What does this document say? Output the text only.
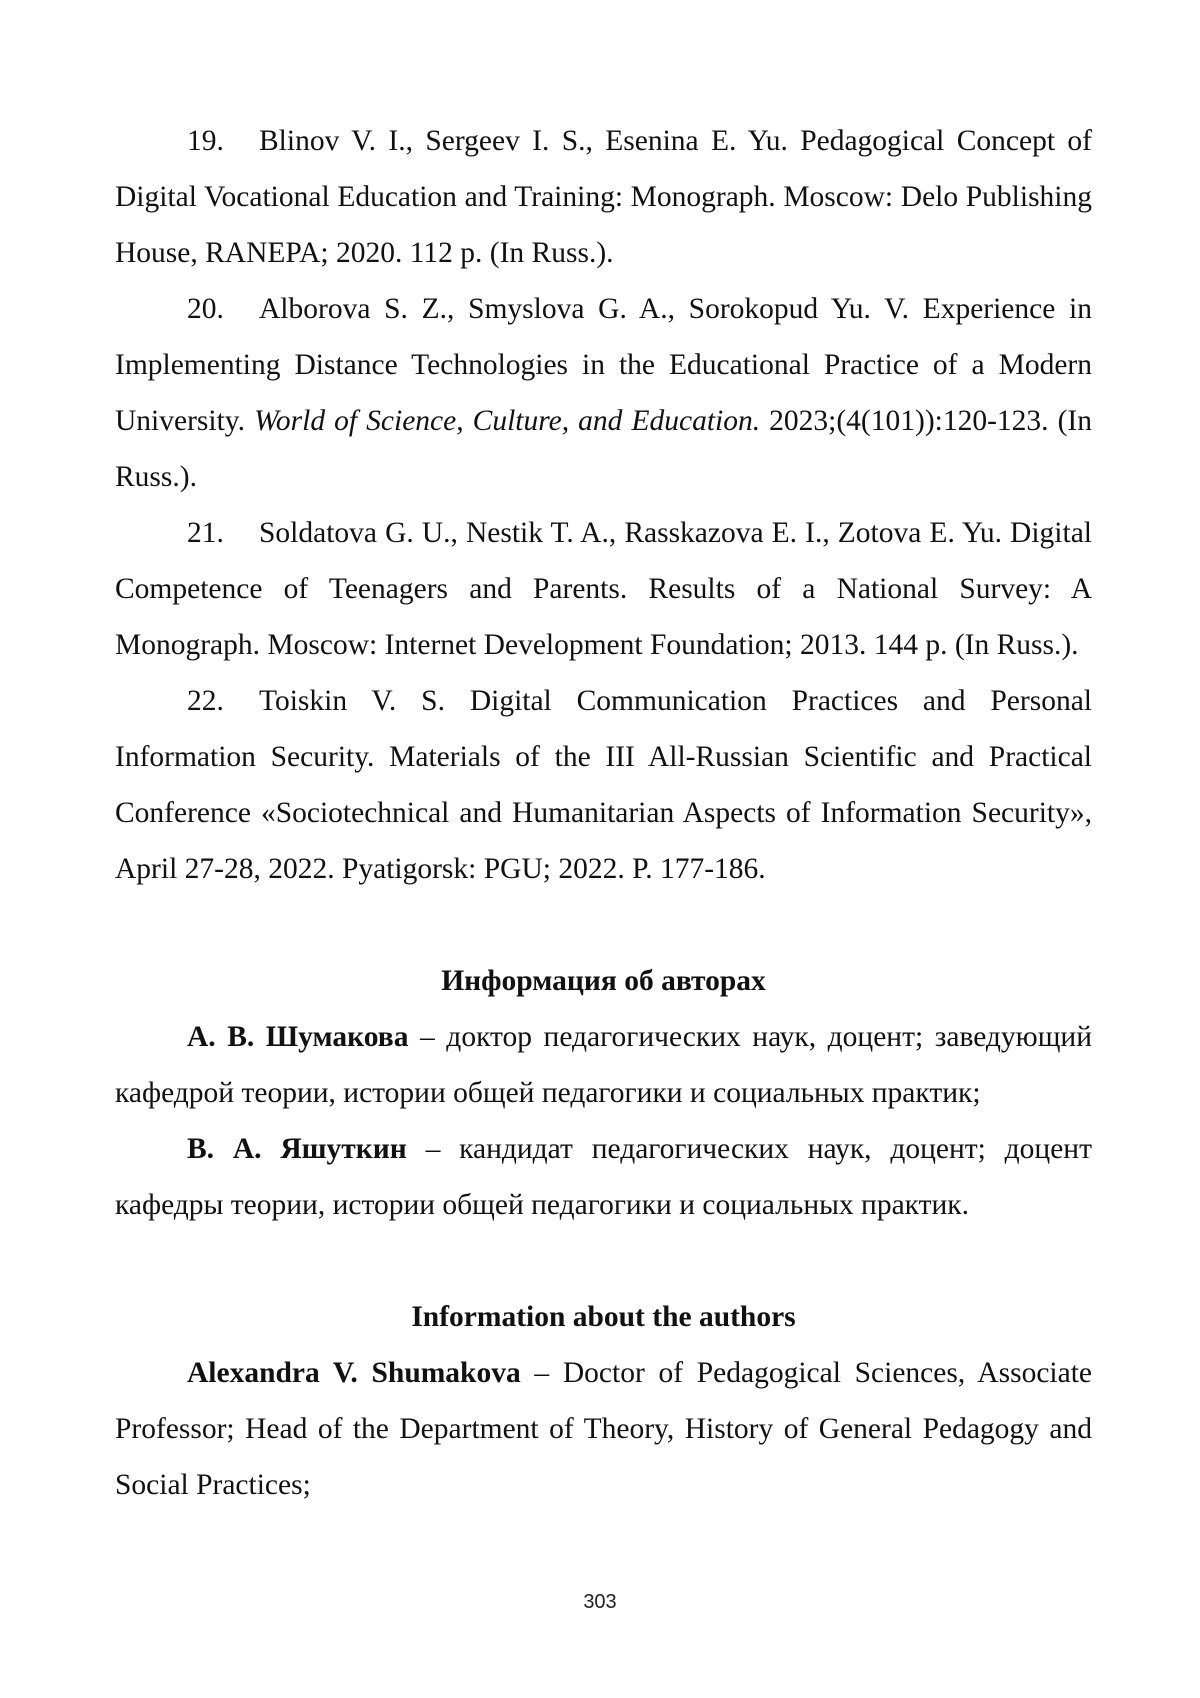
19. Blinov V. I., Sergeev I. S., Esenina E. Yu. Pedagogical Concept of Digital Vocational Education and Training: Monograph. Moscow: Delo Publishing House, RANEPA; 2020. 112 p. (In Russ.).

20. Alborova S. Z., Smyslova G. A., Sorokopud Yu. V. Experience in Implementing Distance Technologies in the Educational Practice of a Modern University. World of Science, Culture, and Education. 2023;(4(101)):120-123. (In Russ.).

21. Soldatova G. U., Nestik T. A., Rasskazova E. I., Zotova E. Yu. Digital Competence of Teenagers and Parents. Results of a National Survey: A Monograph. Moscow: Internet Development Foundation; 2013. 144 p. (In Russ.).

22. Toiskin V. S. Digital Communication Practices and Personal Information Security. Materials of the III All-Russian Scientific and Practical Conference «Sociotechnical and Humanitarian Aspects of Information Security», April 27-28, 2022. Pyatigorsk: PGU; 2022. P. 177-186.

Информация об авторах

А. В. Шумакова – доктор педагогических наук, доцент; заведующий кафедрой теории, истории общей педагогики и социальных практик;

В. А. Яшуткин – кандидат педагогических наук, доцент; доцент кафедры теории, истории общей педагогики и социальных практик.

Information about the authors

Alexandra V. Shumakova – Doctor of Pedagogical Sciences, Associate Professor; Head of the Department of Theory, History of General Pedagogy and Social Practices;

303
